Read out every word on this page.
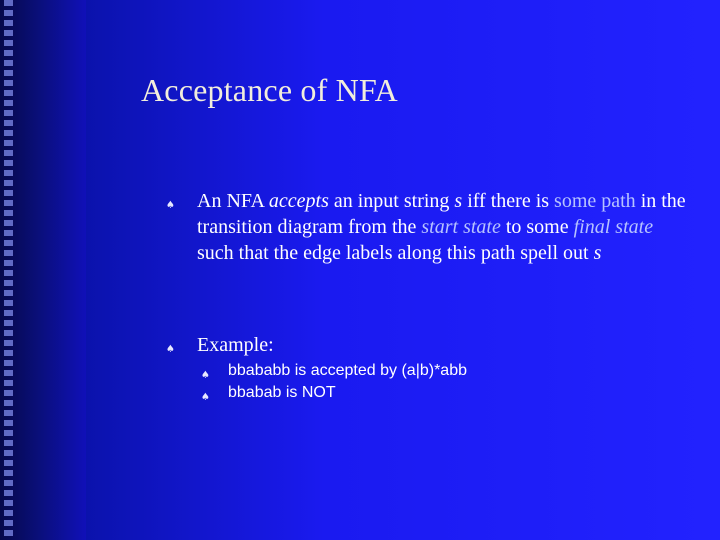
Acceptance of NFA
♠ An NFA accepts an input string s iff there is some path in the transition diagram from the start state to some final state such that the edge labels along this path spell out s
♠ Example:
♠ bbababb is accepted by (a|b)*abb
♠ bbabab is NOT
